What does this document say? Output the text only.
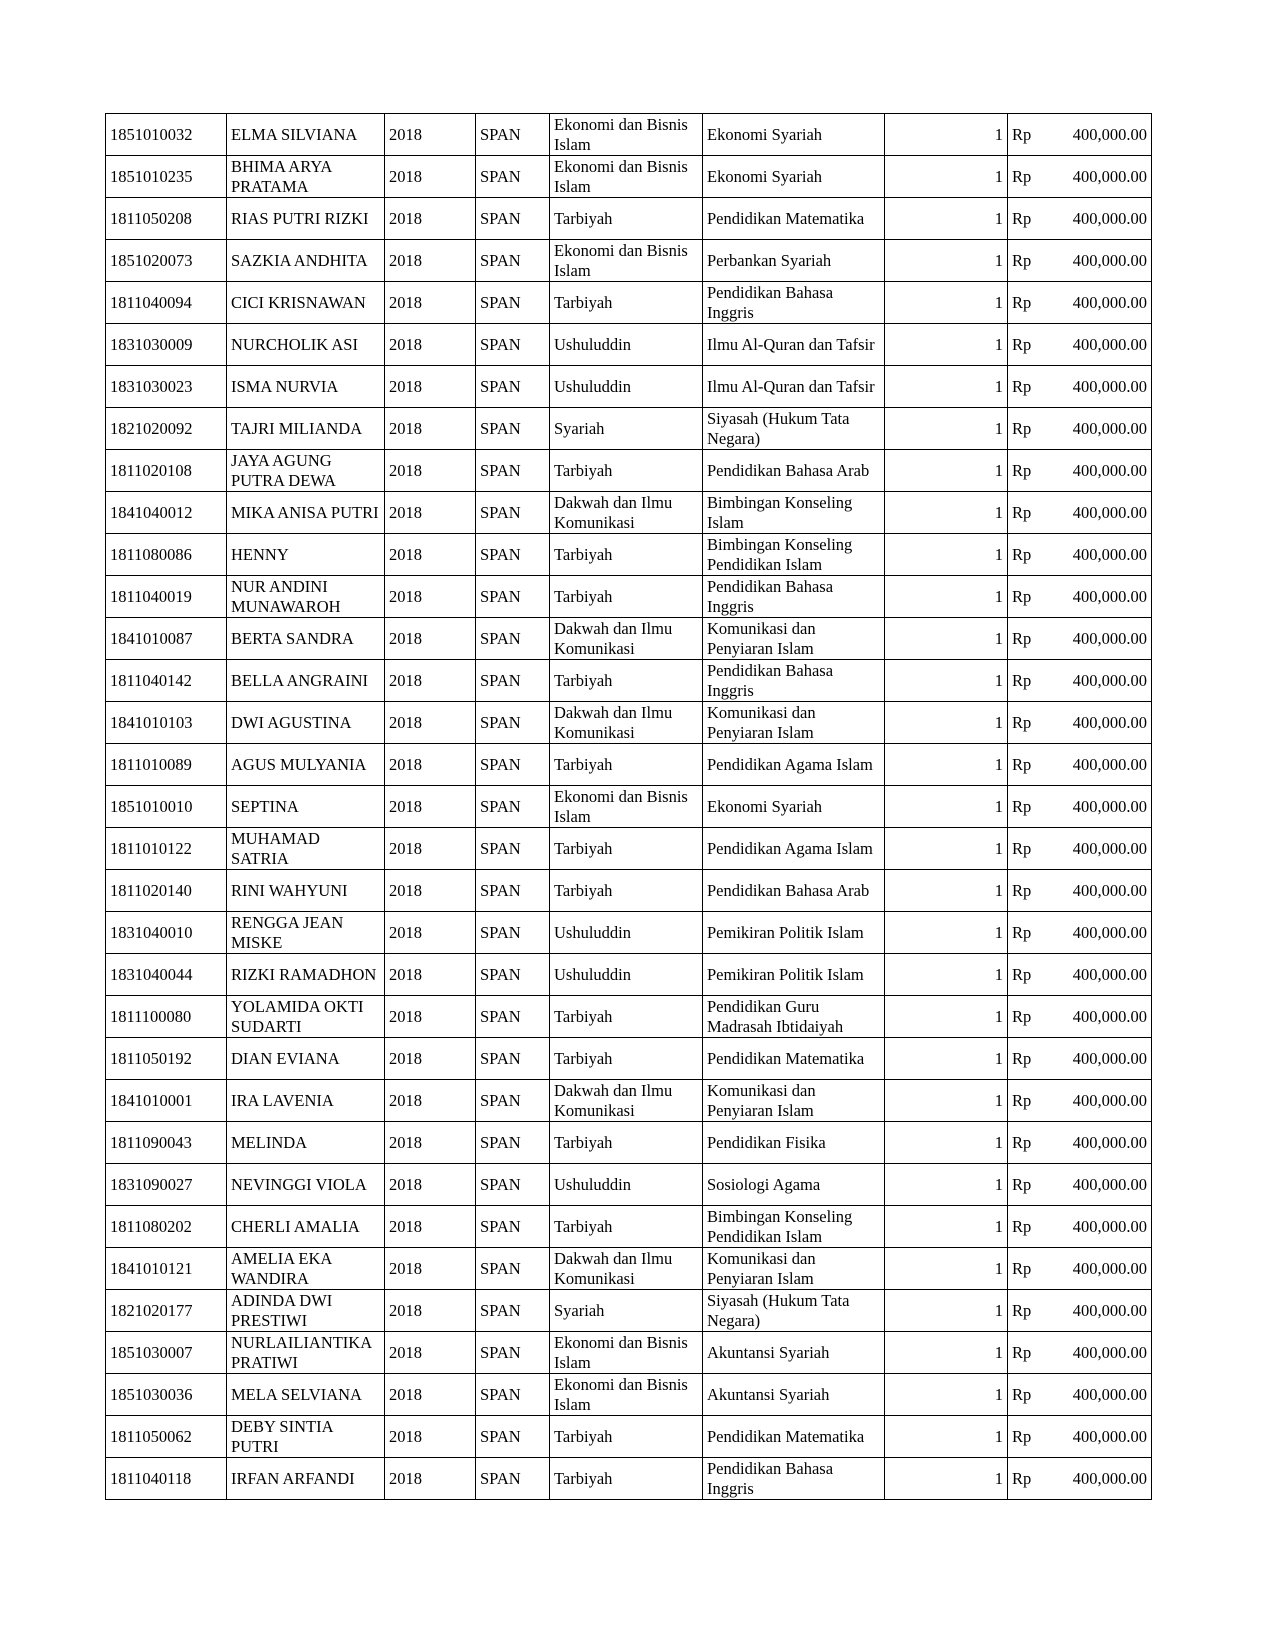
1851010032	ELMA SILVIANA	2018	SPAN	Ekonomi dan Bisnis Islam	Ekonomi Syariah	1	Rp	400,000.00
1851010235	BHIMA ARYA PRATAMA	2018	SPAN	Ekonomi dan Bisnis Islam	Ekonomi Syariah	1	Rp	400,000.00
1811050208	RIAS PUTRI RIZKI	2018	SPAN	Tarbiyah	Pendidikan Matematika	1	Rp	400,000.00
1851020073	SAZKIA ANDHITA	2018	SPAN	Ekonomi dan Bisnis Islam	Perbankan Syariah	1	Rp	400,000.00
1811040094	CICI KRISNAWAN	2018	SPAN	Tarbiyah	Pendidikan Bahasa Inggris	1	Rp	400,000.00
1831030009	NURCHOLIK ASI	2018	SPAN	Ushuluddin	Ilmu Al-Quran dan Tafsir	1	Rp	400,000.00
1831030023	ISMA NURVIA	2018	SPAN	Ushuluddin	Ilmu Al-Quran dan Tafsir	1	Rp	400,000.00
1821020092	TAJRI MILIANDA	2018	SPAN	Syariah	Siyasah (Hukum Tata Negara)	1	Rp	400,000.00
1811020108	JAYA AGUNG PUTRA DEWA	2018	SPAN	Tarbiyah	Pendidikan Bahasa Arab	1	Rp	400,000.00
1841040012	MIKA ANISA PUTRI	2018	SPAN	Dakwah dan Ilmu Komunikasi	Bimbingan Konseling Islam	1	Rp	400,000.00
1811080086	HENNY	2018	SPAN	Tarbiyah	Bimbingan Konseling Pendidikan Islam	1	Rp	400,000.00
1811040019	NUR ANDINI MUNAWAROH	2018	SPAN	Tarbiyah	Pendidikan Bahasa Inggris	1	Rp	400,000.00
1841010087	BERTA SANDRA	2018	SPAN	Dakwah dan Ilmu Komunikasi	Komunikasi dan Penyiaran Islam	1	Rp	400,000.00
1811040142	BELLA ANGRAINI	2018	SPAN	Tarbiyah	Pendidikan Bahasa Inggris	1	Rp	400,000.00
1841010103	DWI AGUSTINA	2018	SPAN	Dakwah dan Ilmu Komunikasi	Komunikasi dan Penyiaran Islam	1	Rp	400,000.00
1811010089	AGUS MULYANIA	2018	SPAN	Tarbiyah	Pendidikan Agama Islam	1	Rp	400,000.00
1851010010	SEPTINA	2018	SPAN	Ekonomi dan Bisnis Islam	Ekonomi Syariah	1	Rp	400,000.00
1811010122	MUHAMAD SATRIA	2018	SPAN	Tarbiyah	Pendidikan Agama Islam	1	Rp	400,000.00
1811020140	RINI WAHYUNI	2018	SPAN	Tarbiyah	Pendidikan Bahasa Arab	1	Rp	400,000.00
1831040010	RENGGA JEAN MISKE	2018	SPAN	Ushuluddin	Pemikiran Politik Islam	1	Rp	400,000.00
1831040044	RIZKI RAMADHON	2018	SPAN	Ushuluddin	Pemikiran Politik Islam	1	Rp	400,000.00
1811100080	YOLAMIDA OKTI SUDARTI	2018	SPAN	Tarbiyah	Pendidikan Guru Madrasah Ibtidaiyah	1	Rp	400,000.00
1811050192	DIAN EVIANA	2018	SPAN	Tarbiyah	Pendidikan Matematika	1	Rp	400,000.00
1841010001	IRA LAVENIA	2018	SPAN	Dakwah dan Ilmu Komunikasi	Komunikasi dan Penyiaran Islam	1	Rp	400,000.00
1811090043	MELINDA	2018	SPAN	Tarbiyah	Pendidikan Fisika	1	Rp	400,000.00
1831090027	NEVINGGI VIOLA	2018	SPAN	Ushuluddin	Sosiologi Agama	1	Rp	400,000.00
1811080202	CHERLI AMALIA	2018	SPAN	Tarbiyah	Bimbingan Konseling Pendidikan Islam	1	Rp	400,000.00
1841010121	AMELIA EKA WANDIRA	2018	SPAN	Dakwah dan Ilmu Komunikasi	Komunikasi dan Penyiaran Islam	1	Rp	400,000.00
1821020177	ADINDA DWI PRESTIWI	2018	SPAN	Syariah	Siyasah (Hukum Tata Negara)	1	Rp	400,000.00
1851030007	NURLAILIANTIKA PRATIWI	2018	SPAN	Ekonomi dan Bisnis Islam	Akuntansi Syariah	1	Rp	400,000.00
1851030036	MELA SELVIANA	2018	SPAN	Ekonomi dan Bisnis Islam	Akuntansi Syariah	1	Rp	400,000.00
1811050062	DEBY SINTIA PUTRI	2018	SPAN	Tarbiyah	Pendidikan Matematika	1	Rp	400,000.00
1811040118	IRFAN ARFANDI	2018	SPAN	Tarbiyah	Pendidikan Bahasa Inggris	1	Rp	400,000.00
